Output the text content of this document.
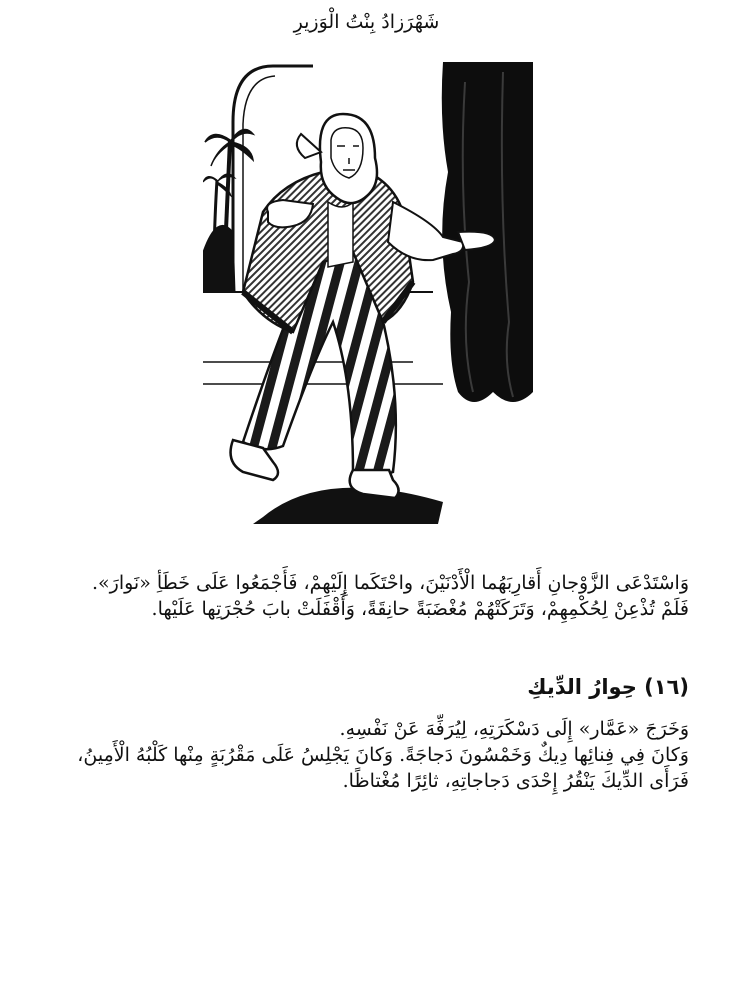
شَهْرَزادُ بِنْتُ الْوَزيرِ
وَاسْتَدْعَى الزَّوْجانِ أَقارِبَهُما الْأَدْنَيْنَ، واحْتَكَما إِلَيْهِمْ، فَأَجْمَعُوا عَلَى خَطَأِ «نَوارَ».
فَلَمْ تُذْعِنْ لِحُكْمِهِمْ، وَتَرَكَتْهُمْ مُغْضَبَةً حانِقَةً، وَأَقْفَلَتْ بابَ حُجْرَتِها عَلَيْها.
(١٦) حِوارُ الدِّيكِ
وَخَرَجَ «عَمَّار» إِلَى دَسْكَرَتِهِ، لِيُرَفِّهَ عَنْ نَفْسِهِ.
وَكانَ فِي فِنائِها دِيكٌ وَخَمْسُونَ دَجاجَةً. وَكانَ يَجْلِسُ عَلَى مَقْرُبَةٍ مِنْها كَلْبُهُ الْأَمِينُ،
فَرَأَى الدِّيكَ يَنْقُرُ إِحْدَى دَجاجاتِهِ، ثائِرًا مُغْتاظًا.
